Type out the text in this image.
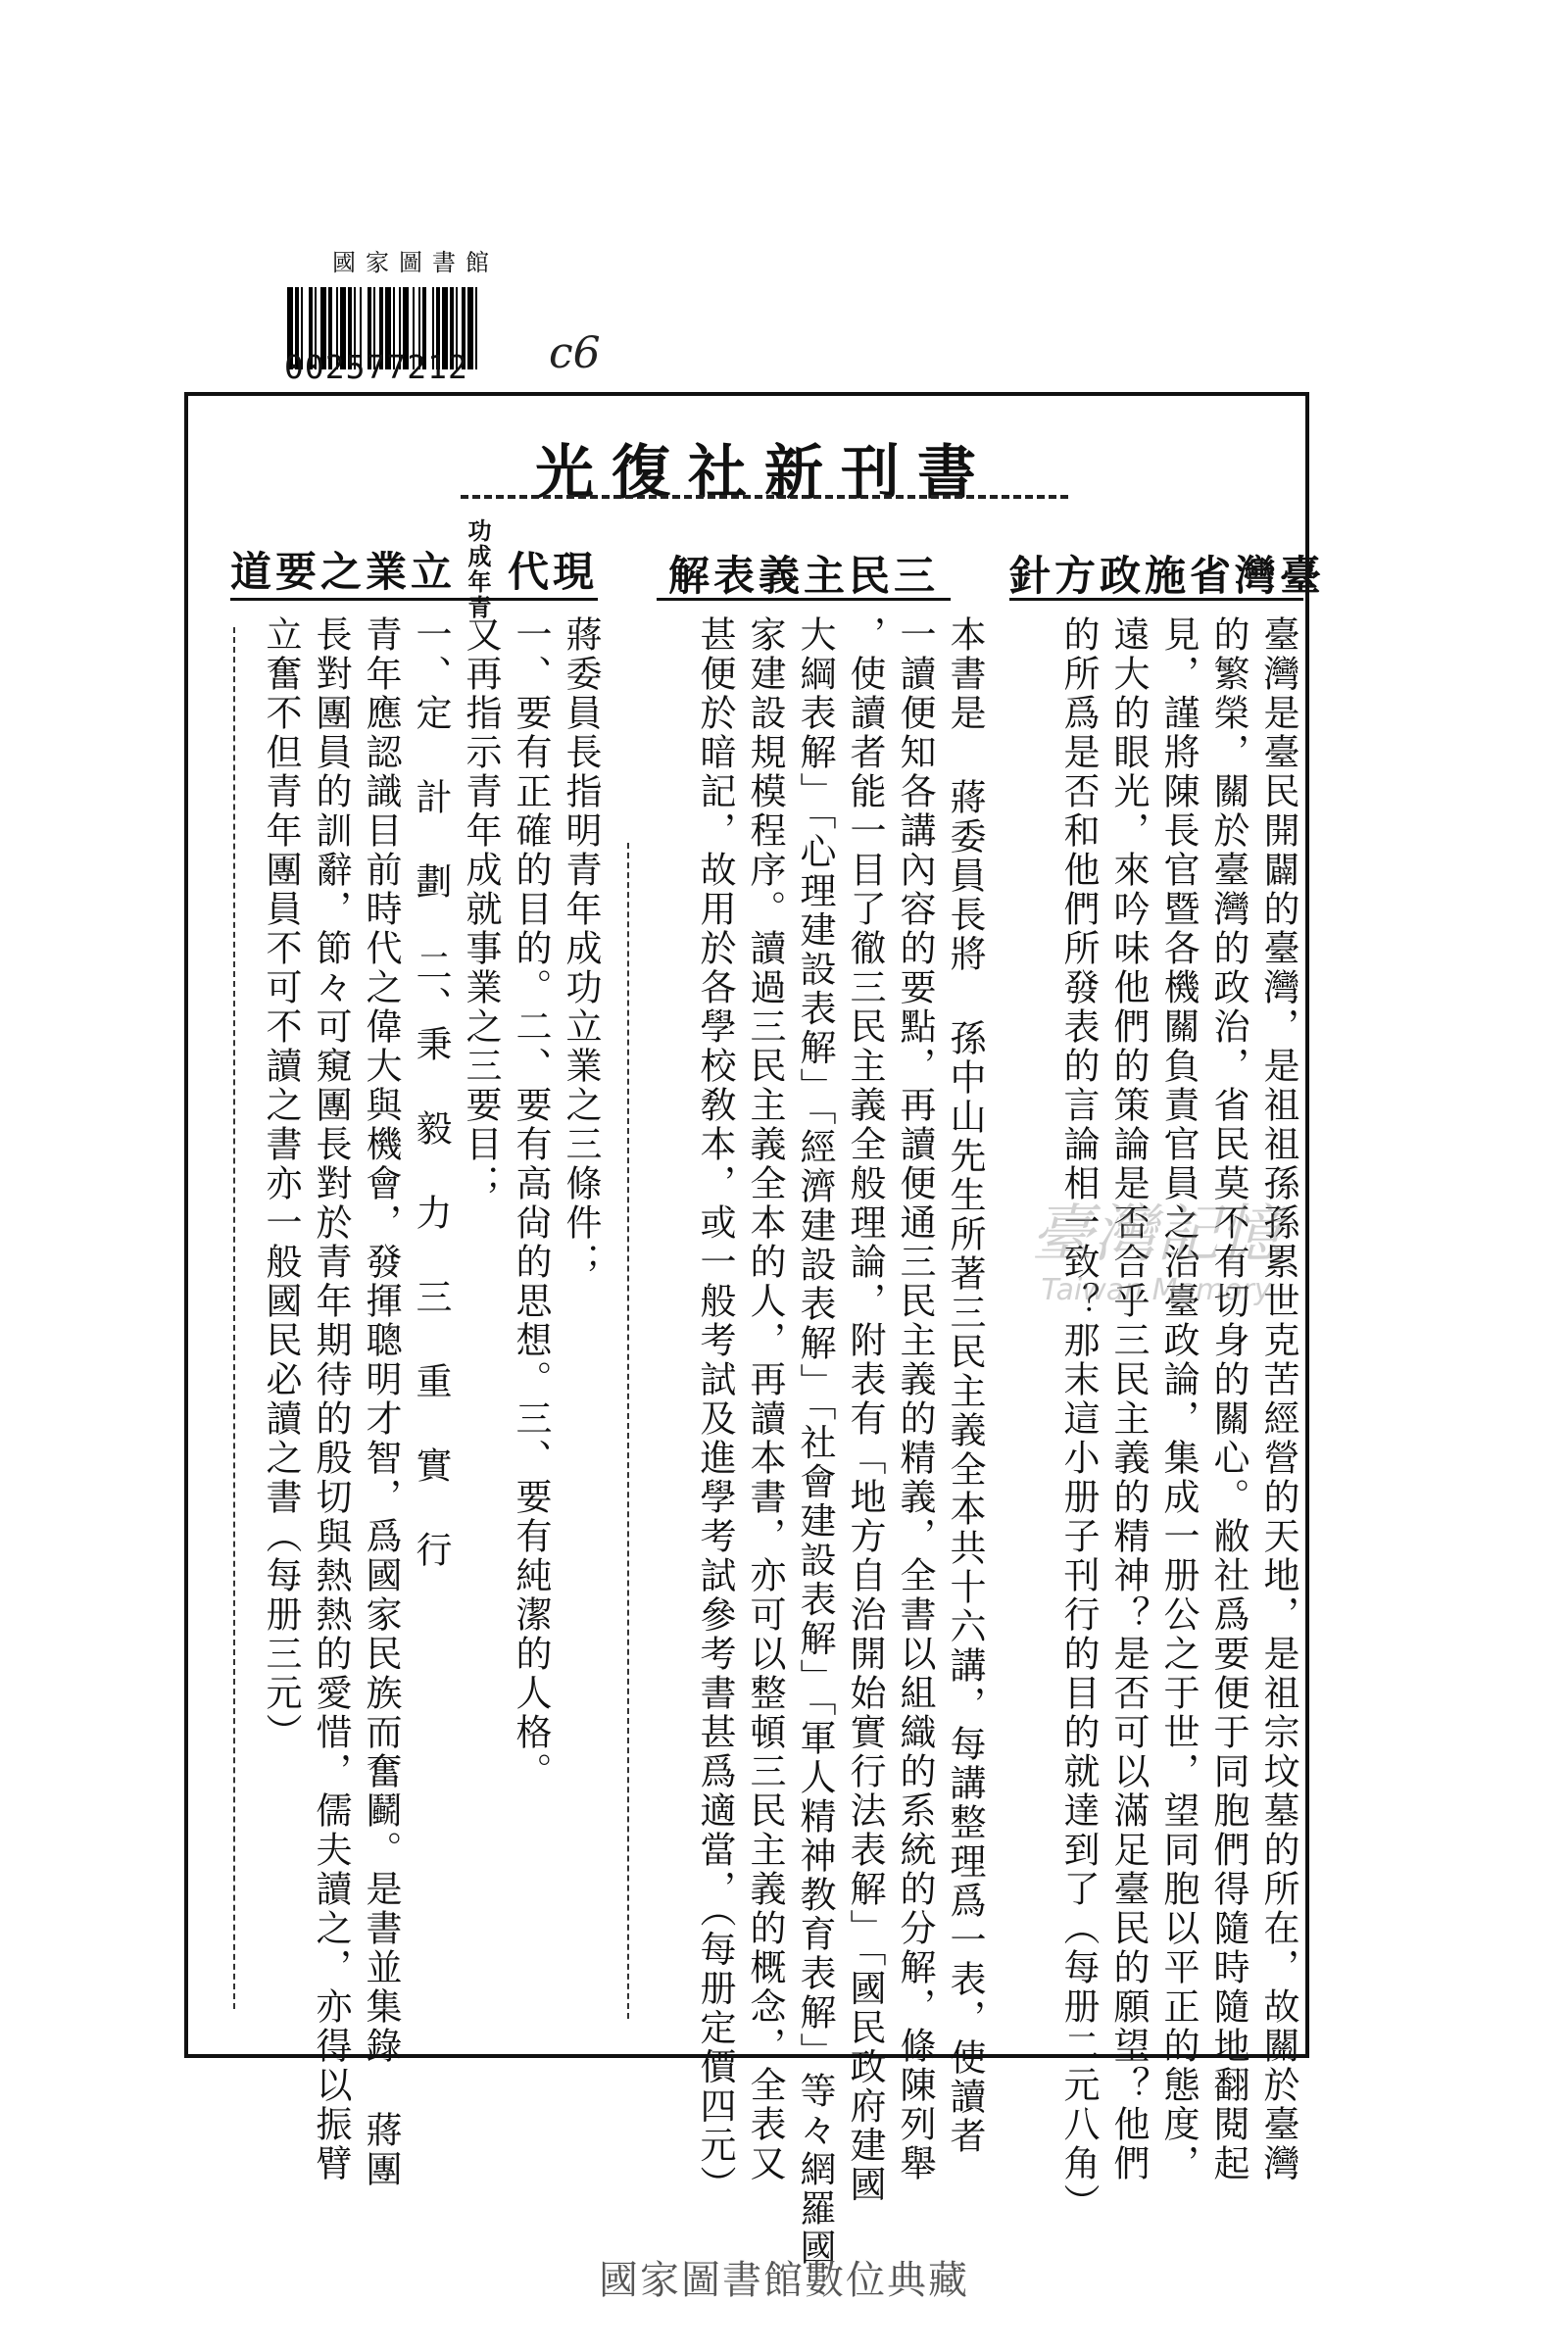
國家圖書館
002577212 c6
光復社新刊書
針方政施省灣臺
解表義主民三
道要之業立
功成年青
代現
臺灣是臺民開闢的臺灣，是祖祖孫孫累世克苦經營的天地，是祖宗坟墓的所在，故關於臺灣
的繁榮，關於臺灣的政治，省民莫不有切身的關心。敝社爲要便于同胞們得隨時隨地翻閱起
見，謹將陳長官暨各機關負責官員之治臺政論，集成一册公之于世，望同胞以平正的態度，
遠大的眼光，來吟味他們的策論是否合乎三民主義的精神？是否可以滿足臺民的願望？他們
的所爲是否和他們所發表的言論相一致？那末這小册子刊行的目的就達到了（每册二元八角）
本書是 蔣委員長將 孫中山先生所著三民主義全本共十六講，每講整理爲一表，使讀者
一讀便知各講內容的要點，再讀便通三民主義的精義，全書以組織的系統的分解，條陳列舉
，使讀者能一目了徹三民主義全般理論，附表有「地方自治開始實行法表解」「國民政府建國
大綱表解」「心理建設表解」「經濟建設表解」「社會建設表解」「軍人精神教育表解」等々網羅國
家建設規模程序。讀過三民主義全本的人，再讀本書，亦可以整頓三民主義的概念，全表又
甚便於暗記，故用於各學校敎本，或一般考試及進學考試參考書甚爲適當，（每册定價四元）
蔣委員長指明青年成功立業之三條件；
一、要有正確的目的。二、要有高尙的思想。三、要有純潔的人格。
又再指示青年成就事業之三要目；
一、定 計 劃 二、秉 毅 力 三 重 實 行
青年應認識目前時代之偉大與機會，發揮聰明才智，爲國家民族而奮鬬。是書並集錄 蔣團
長對團員的訓辭，節々可窺團長對於青年期待的殷切與熱熱的愛惜，儒夫讀之，亦得以振臂
立奮不但青年團員不可不讀之書亦一般國民必讀之書（每册三元）	臺灣記憶
Taiwan Memory
國家圖書館數位典藏
